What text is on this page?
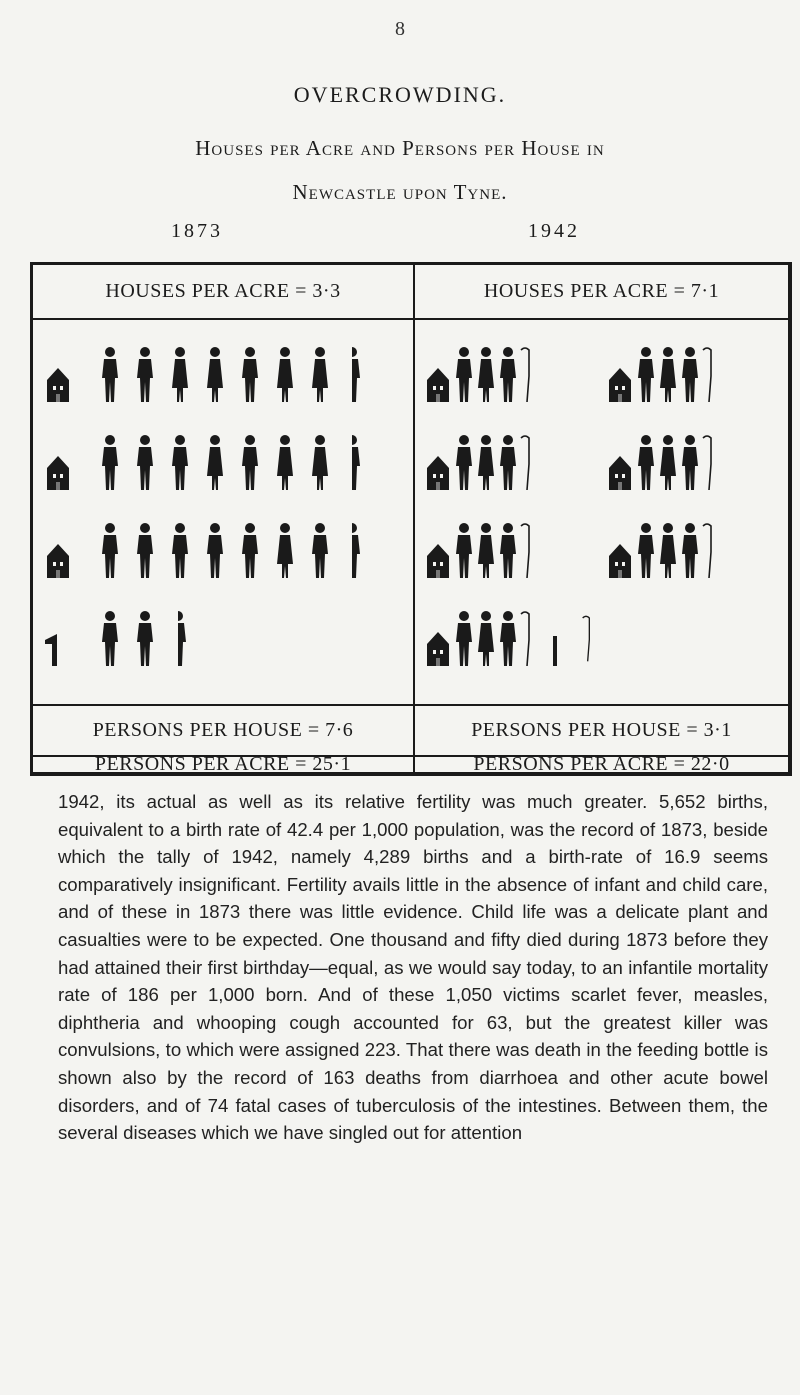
8
OVERCROWDING.
Houses per Acre and Persons per House in
Newcastle upon Tyne.
1873	1942
HOUSES PER ACRE = 3·3
PERSONS PER HOUSE = 7·6
PERSONS PER ACRE = 25·1
HOUSES PER ACRE = 7·1
PERSONS PER HOUSE = 3·1
PERSONS PER ACRE = 22·0
1942, its actual as well as its relative fertility was much greater. 5,652 births, equivalent to a birth rate of 42.4 per 1,000 population, was the record of 1873, beside which the tally of 1942, namely 4,289 births and a birth-rate of 16.9 seems comparatively insignificant. Fertility avails little in the absence of infant and child care, and of these in 1873 there was little evidence. Child life was a delicate plant and casualties were to be expected. One thousand and fifty died during 1873 before they had attained their first birthday—equal, as we would say today, to an infantile mortality rate of 186 per 1,000 born. And of these 1,050 victims scarlet fever, measles, diphtheria and whooping cough accounted for 63, but the greatest killer was convulsions, to which were assigned 223. That there was death in the feeding bottle is shown also by the record of 163 deaths from diarrhoea and other acute bowel disorders, and of 74 fatal cases of tuberculosis of the intestines. Between them, the several diseases which we have singled out for attention
